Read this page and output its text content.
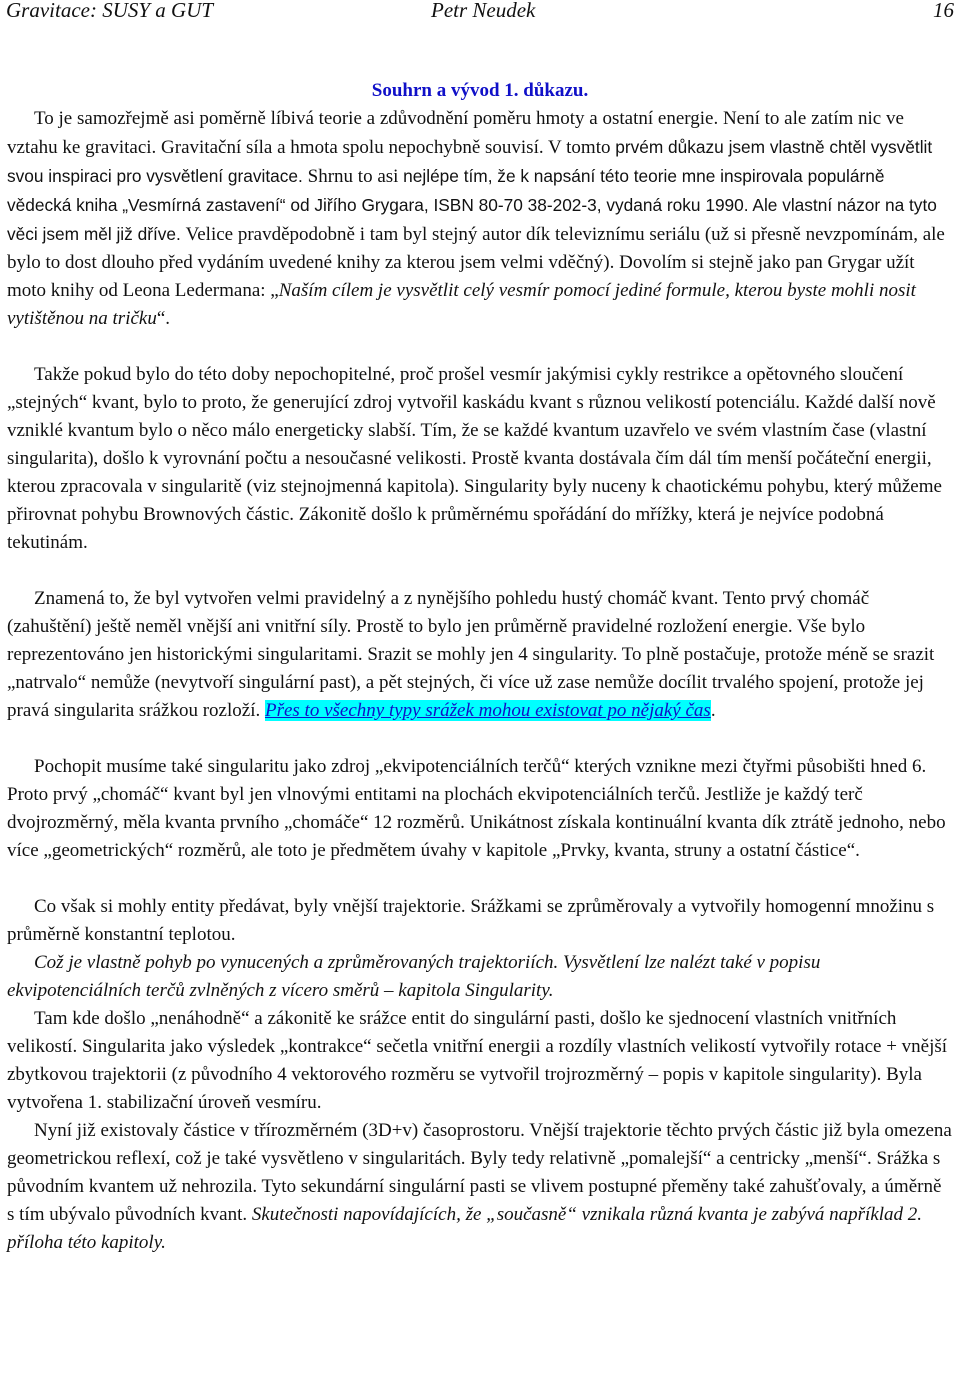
Gravitace: SUSY a GUT	Petr Neudek	16

Souhrn a vývod 1. důkazu.

To je samozřejmě asi poměrně líbivá teorie a zdůvodnění poměru hmoty a ostatní energie. Není to ale zatím nic ve vztahu ke gravitaci. Gravitační síla a hmota spolu nepochybně souvisí. V tomto prvém důkazu jsem vlastně chtěl vysvětlit svou inspiraci pro vysvětlení gravitace. Shrnu to asi nejlépe tím, že k napsání této teorie mne inspirovala populárně vědecká kniha „Vesmírná zastavení“ od Jiřího Grygara, ISBN 80-70 38-202-3, vydaná roku 1990. Ale vlastní názor na tyto věci jsem měl již dříve. Velice pravděpodobně i tam byl stejný autor dík televiznímu seriálu (už si přesně nevzpomínám, ale bylo to dost dlouho před vydáním uvedené knihy za kterou jsem velmi vděčný). Dovolím si stejně jako pan Grygar užít moto knihy od Leona Ledermana: „Naším cílem je vysvětlit celý vesmír pomocí jediné formule, kterou byste mohli nosit vytištěnou na tričku“.

Takže pokud bylo do této doby nepochopitelné, proč prošel vesmír jakýmisi cykly restrikce a opětovného sloučení „stejných“ kvant, bylo to proto, že generující zdroj vytvořil kaskádu kvant s různou velikostí potenciálu. Každé další nově vzniklé kvantum bylo o něco málo energeticky slabší. Tím, že se každé kvantum uzavřelo ve svém vlastním čase (vlastní singularita), došlo k vyrovnání počtu a nesoučasné velikosti. Prostě kvanta dostávala čím dál tím menší počáteční energii, kterou zpracovala v singularitě (viz stejnojmenná kapitola). Singularity byly nuceny k chaotickému pohybu, který můžeme přirovnat pohybu Brownových částic. Zákonitě došlo k průměrnému spořádání do mřížky, která je nejvíce podobná tekutinám.

Znamená to, že byl vytvořen velmi pravidelný a z nynějšího pohledu hustý chomáč kvant. Tento prvý chomáč (zahuštění) ještě neměl vnější ani vnitřní síly. Prostě to bylo jen průměrně pravidelné rozložení energie. Vše bylo reprezentováno jen historickými singularitami. Srazit se mohly jen 4 singularity. To plně postačuje, protože méně se srazit „natrvalo“ nemůže (nevytvoří singulární past), a pět stejných, či více už zase nemůže docílit trvalého spojení, protože jej pravá singularita srážkou rozloží. Přes to všechny typy srážek mohou existovat po nějaký čas.

Pochopit musíme také singularitu jako zdroj „ekvipotenciálních terčů“ kterých vznikne mezi čtyřmi působišti hned 6. Proto prvý „chomáč“ kvant byl jen vlnovými entitami na plochách ekvipotenciálních terčů. Jestliže je každý terč dvojrozměrný, měla kvanta prvního „chomáče“ 12 rozměrů. Unikátnost získala kontinuální kvanta dík ztrátě jednoho, nebo více „geometrických“ rozměrů, ale toto je předmětem úvahy v kapitole „Prvky, kvanta, struny a ostatní částice“.

Co však si mohly entity předávat, byly vnější trajektorie. Srážkami se zprůměrovaly a vytvořily homogenní množinu s průměrně konstantní teplotou.

Což je vlastně pohyb po vynucených a zprůměrovaných trajektoriích. Vysvětlení lze nalézt také v popisu ekvipotenciálních terčů zvlněných z vícero směrů – kapitola Singularity.

Tam kde došlo „nenáhodně“ a zákonitě ke srážce entit do singulární pasti, došlo ke sjednocení vlastních vnitřních velikostí. Singularita jako výsledek „kontrakce“ sečetla vnitřní energii a rozdíly vlastních velikostí vytvořily rotace + vnější zbytkovou trajektorii (z původního 4 vektorového rozměru se vytvořil trojrozměrný – popis v kapitole singularity). Byla vytvořena 1. stabilizační úroveň vesmíru.

Nyní již existovaly částice v třírozměrném (3D+v) časoprostoru. Vnější trajektorie těchto prvých částic již byla omezena geometrickou reflexí, což je také vysvětleno v singularitách. Byly tedy relativně „pomalejší“ a centricky „menší“. Srážka s původním kvantem už nehrozila. Tyto sekundární singulární pasti se vlivem postupné přeměny také zahušťovaly, a úměrně s tím ubývalo původních kvant. Skutečnosti napovídajících, že „současně“ vznikala různá kvanta je zabývá například 2. příloha této kapitoly.
